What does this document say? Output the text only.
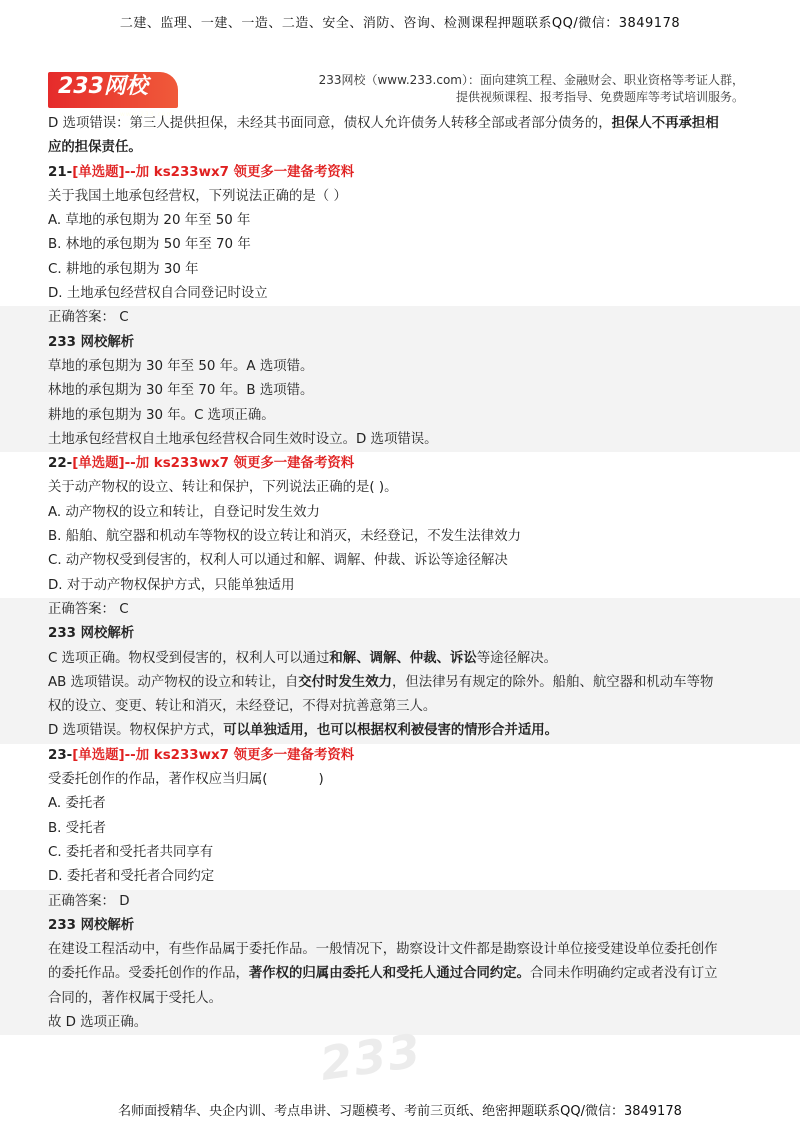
二建、监理、一建、一造、二造、安全、消防、咨询、检测课程押题联系QQ/微信：3849178
233网校
www.233.com
233网校（www.233.com）：面向建筑工程、金融财会、职业资格等考证人群，
提供视频课程、报考指导、免费题库等考试培训服务。
D 选项错误：第三人提供担保，未经其书面同意，债权人允许债务人转移全部或者部分债务的，担保人不再承担相
应的担保责任。
21-[单选题]--加 ks233wx7 领更多一建备考资料
关于我国土地承包经营权，下列说法正确的是（ ）
A. 草地的承包期为 20 年至 50 年
B. 林地的承包期为 50 年至 70 年
C. 耕地的承包期为 30 年
D. 土地承包经营权自合同登记时设立
正确答案： C
233 网校解析
草地的承包期为 30 年至 50 年。A 选项错。
林地的承包期为 30 年至 70 年。B 选项错。
耕地的承包期为 30 年。C 选项正确。
土地承包经营权自土地承包经营权合同生效时设立。D 选项错误。
22-[单选题]--加 ks233wx7 领更多一建备考资料
关于动产物权的设立、转让和保护，下列说法正确的是( )。
A. 动产物权的设立和转让，自登记时发生效力
B. 船舶、航空器和机动车等物权的设立转让和消灭，未经登记，不发生法律效力
C. 动产物权受到侵害的，权利人可以通过和解、调解、仲裁、诉讼等途径解决
D. 对于动产物权保护方式，只能单独适用
正确答案： C
233 网校解析
C 选项正确。物权受到侵害的，权利人可以通过和解、调解、仲裁、诉讼等途径解决。
AB 选项错误。动产物权的设立和转让，自交付时发生效力，但法律另有规定的除外。船舶、航空器和机动车等物
权的设立、变更、转让和消灭，未经登记，不得对抗善意第三人。
D 选项错误。物权保护方式，可以单独适用，也可以根据权利被侵害的情形合并适用。
23-[单选题]--加 ks233wx7 领更多一建备考资料
受委托创作的作品，著作权应当归属(            )
A. 委托者
B. 受托者
C. 委托者和受托者共同享有
D. 委托者和受托者合同约定
正确答案： D
233 网校解析
在建设工程活动中，有些作品属于委托作品。一般情况下，勘察设计文件都是勘察设计单位接受建设单位委托创作
的委托作品。受委托创作的作品，著作权的归属由委托人和受托人通过合同约定。合同未作明确约定或者没有订立
合同的，著作权属于受托人。
故 D 选项正确。
233
名师面授精华、央企内训、考点串讲、习题模考、考前三页纸、绝密押题联系QQ/微信：3849178
